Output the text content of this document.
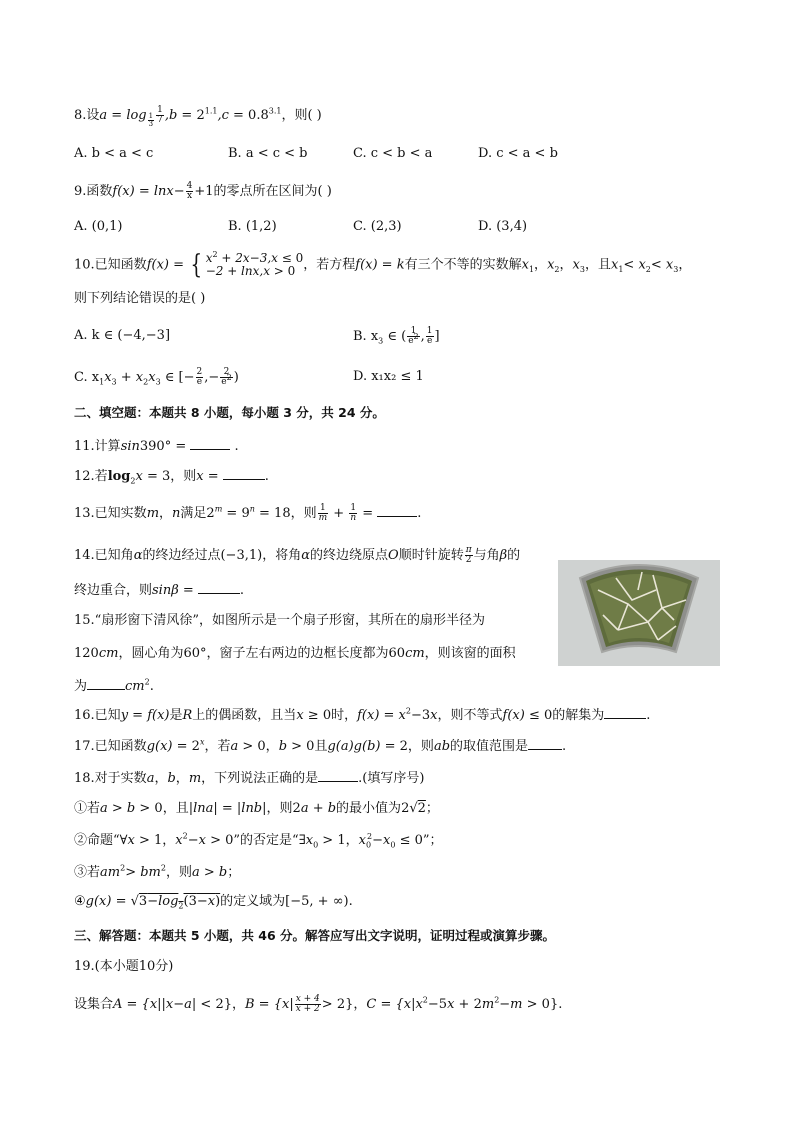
8.设$a = \log _{\frac{1}{3}} \frac{1}{7} ,b = 2^{1.1},c = 0.8^{3.1}$，则( )
A. b < a < c	B. a < c < b	C. c < b < a	D. c < a < b
9.函数$f(x) = \ln x- \frac{4}{x} +1$的零点所在区间为( )
A. (0,1)	B. (1,2)	C. (2,3)	D. (3,4)
10.已知函数f(x) = { $x^2 + 2x-3,x \le 0$
−2 + lnx,x > 0 ，若方程f(x) = k有三个不等的实数解$x_1$，$x_2$，$x_3$，且$x_1< x_2< x_3$，
则下列结论错误的是( )
A. k ∈ (−4,−3]	B. $x_3$ ∈ ( $\frac{1}{e^2}$ , $\frac{1}{e}$ ]
C. $x_1x_3 + x_2x_3$ ∈ [− $\frac{2}{e}$ ,− $\frac{2}{e^2}$ )	D. x₁x₂ ≤ 1
二、填空题：本题共 8 小题，每小题 3 分，共 24 分。
11.计算sin390° =	.
12.若$\log_2x = 3$，则x =	.
13.已知实数m，n满足$2^m = 9^n = 18$，则 $\frac{1}{m} + \frac{1}{n}$ =	.
14.已知角α的终边经过点(−3,1)，将角α的终边绕原点O顺时针旋转 $\frac{\pi}{2}$ 与角β的
终边重合，则sinβ =	.
15.“扇形窗下清风徐”，如图所示是一个扇子形窗，其所在的扇形半径为
120cm，圆心角为60°，窗子左右两边的边框长度都为60cm，则该窗的面积
为	$cm^2$.
16.已知y = f(x)是R上的偶函数，且当x ≥ 0时，$f(x) = x^2-3x$，则不等式f(x) ≤ 0的解集为	.
17.已知函数$g(x) = 2^x$，若a > 0，b > 0且g(a)g(b) = 2，则ab的取值范围是	.
18.对于实数a，b，m，下列说法正确的是	.(填写序号)
①若a > b > 0，且|lna| = |lnb|，则2a + b的最小值为2√2；
②命题“∀x > 1，$x^2-x > 0$”的否定是“$\exists x_0 > 1$，$x_0^2-x_0 \le 0$”；
③若$am^2> bm^2$，则a > b；
④g(x) = $√3-\log_2(3-x)$的定义域为[−5, + ∞).
三、解答题：本题共 5 小题，共 46 分。解答应写出文字说明，证明过程或演算步骤。
19.(本小题10分)
设集合A = {x||x−a| < 2}，$B = \{x| \frac{x + 4}{x + 2} > 2\}$，$C = \{x|x^2-5x + 2m^2-m > 0\}$.
